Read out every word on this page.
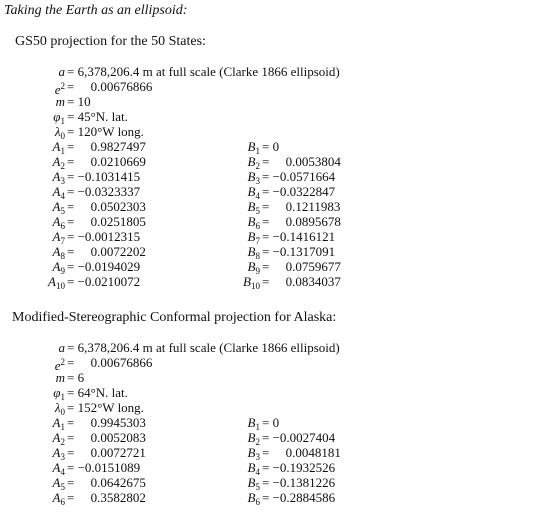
Taking the Earth as an ellipsoid:
GS50 projection for the 50 States:
a = 6,378,206.4 m at full scale (Clarke 1866 ellipsoid)
$e^2$ =     0.00676866
m = 10
$\varphi_1 = 45^\circ N$. lat.
$\lambda_0 = 120^\circ W$ long.
$A_1$ =     0.9827497
$A_2$ =     0.0210669
$A_3 = -0.1031415$
$A_4 = -0.0323337$
$A_5$ =     0.0502303
$A_6$ =     0.0251805
$A_7 = -0.0012315$
$A_8$ =     0.0072202
$A_9 = -0.0194029$
$A_{10} = -0.0210072$
$B_1 = 0$
$B_2$ =     0.0053804
$B_3 = -0.0571664$
$B_4 = -0.0322847$
$B_5$ =     0.1211983
$B_6$ =     0.0895678
$B_7 = -0.1416121$
$B_8 = -0.1317091$
$B_9$ =     0.0759677
$B_{10}$ =     0.0834037
Modified-Stereographic Conformal projection for Alaska:
a = 6,378,206.4 m at full scale (Clarke 1866 ellipsoid)
$e^2$ =     0.00676866
m = 6
$\varphi_1 = 64^\circ N$. lat.
$\lambda_0 = 152^\circ W$ long.
$A_1$ =     0.9945303
$A_2$ =     0.0052083
$A_3$ =     0.0072721
$A_4 = -0.0151089$
$A_5$ =     0.0642675
$A_6$ =     0.3582802
$B_1 = 0$
$B_2 = -0.0027404$
$B_3$ =     0.0048181
$B_4 = -0.1932526$
$B_5 = -0.1381226$
$B_6 = -0.2884586$
